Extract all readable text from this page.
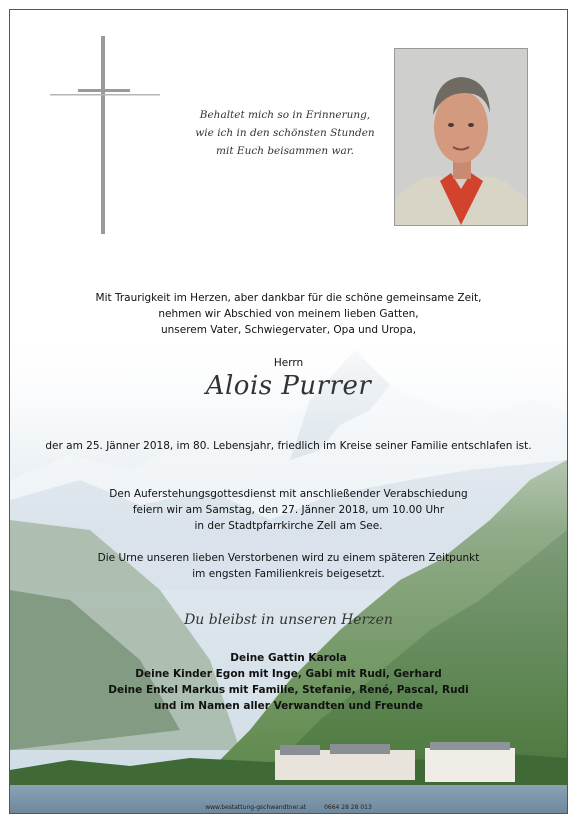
Behaltet mich so in Erinnerung,
wie ich in den schönsten Stunden
mit Euch beisammen war.
Mit Traurigkeit im Herzen, aber dankbar für die schöne gemeinsame Zeit,
nehmen wir Abschied von meinem lieben Gatten,
unserem Vater, Schwiegervater, Opa und Uropa,
Herrn
Alois Purrer
der am 25. Jänner 2018, im 80. Lebensjahr, friedlich im Kreise seiner Familie entschlafen ist.
Den Auferstehungsgottesdienst mit anschließender Verabschiedung
feiern wir am Samstag, den 27. Jänner 2018, um 10.00 Uhr
in der Stadtpfarrkirche Zell am See.
Die Urne unseren lieben Verstorbenen wird zu einem späteren Zeitpunkt
im engsten Familienkreis beigesetzt.
Du bleibst in unseren Herzen
Deine Gattin Karola
Deine Kinder Egon mit Inge, Gabi mit Rudi, Gerhard
Deine Enkel Markus mit Familie, Stefanie, René, Pascal, Rudi
und im Namen aller Verwandten und Freunde
www.bestattung-gschwandtner.at	0664 28 28 013
